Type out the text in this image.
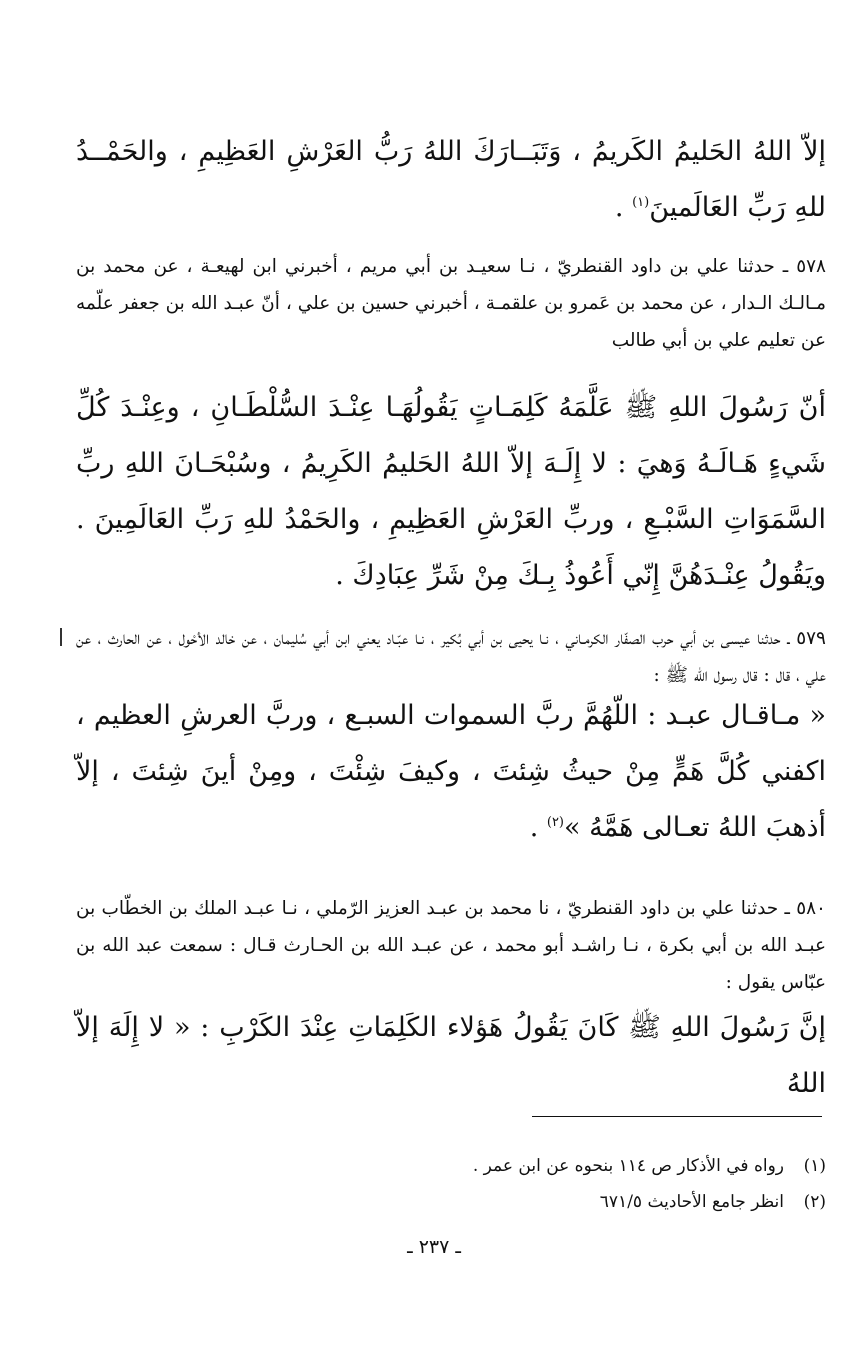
إلاّ اللهُ الحَليمُ الكَريمُ ، وَتَبَــارَكَ اللهُ رَبُّ العَرْشِ العَظِيمِ ، والحَمْــدُ للهِ رَبِّ العَالَمينَ$^{(١)}$ .
٥٧٨ ـ حدثنا علي بن داود القنطريّ ، نـا سعيـد بن أبي مريم ، أخبرني ابن لهيعـة ، عن محمد بن مـالـك الـدار ، عن محمد بن عَمرو بن علقمـة ، أخبرني حسين بن علي ، أنّ عبـد الله بن جعفر علّمه عن تعليم علي بن أبي طالب
أنّ رَسُولَ اللهِ ﷺ عَلَّمَهُ كَلِمَـاتٍ يَقُولُهَـا عِنْـدَ السُّلْطَـانِ ، وعِنْـدَ كُلِّ شَيءٍ هَـالَـهُ وَهيَ : لا إِلَـهَ إلاّ اللهُ الحَليمُ الكَرِيمُ ، وسُبْحَـانَ اللهِ ربِّ السَّمَوَاتِ السَّبْـعِ ، وربِّ العَرْشِ العَظِيمِ ، والحَمْدُ للهِ رَبِّ العَالَمِينَ . ويَقُولُ عِنْـدَهُنَّ إِنّي أَعُوذُ بِـكَ مِنْ شَرِّ عِبَادِكَ .
٥٧٩ ـ حدثنا عيسى بن أبي حرب الصفّار الكرمـاني ، نـا يحيى بن أبي بُكير ، نـا عبّـاد يعني ابن أبي سُليمان ، عن خالد الأحْول ، عن الحارث ، عن علي ، قال : قال رسول الله ﷺ :
« مـاقـال عبـد : اللّهُمَّ ربَّ السموات السبـع ، وربَّ العرشِ العظيم ، اكفني كُلَّ هَمٍّ مِنْ حيثُ شِئتَ ، وكيفَ شِئْتَ ، ومِنْ أينَ شِئتَ ، إلاّ أذهبَ اللهُ تعـالى هَمَّهُ »$^{(٢)}$ .
٥٨٠ ـ حدثنا علي بن داود القنطريّ ، نا محمد بن عبـد العزيز الرّملي ، نـا عبـد الملك بن الخطّاب بن عبـد الله بن أبي بكرة ، نـا راشـد أبو محمد ، عن عبـد الله بن الحـارث قـال : سمعت عبد الله بن عبّاس يقول :
إنَّ رَسُولَ اللهِ ﷺ كَانَ يَقُولُ هَؤلاء الكَلِمَاتِ عِنْدَ الكَرْبِ : « لا إِلَهَ إلاّ اللهُ
(١)
رواه في الأذكار ص ١١٤ بنحوه عن ابن عمر .
(٢)
انظر جامع الأحاديث ٦٧١/٥
ـ ٢٣٧ ـ
